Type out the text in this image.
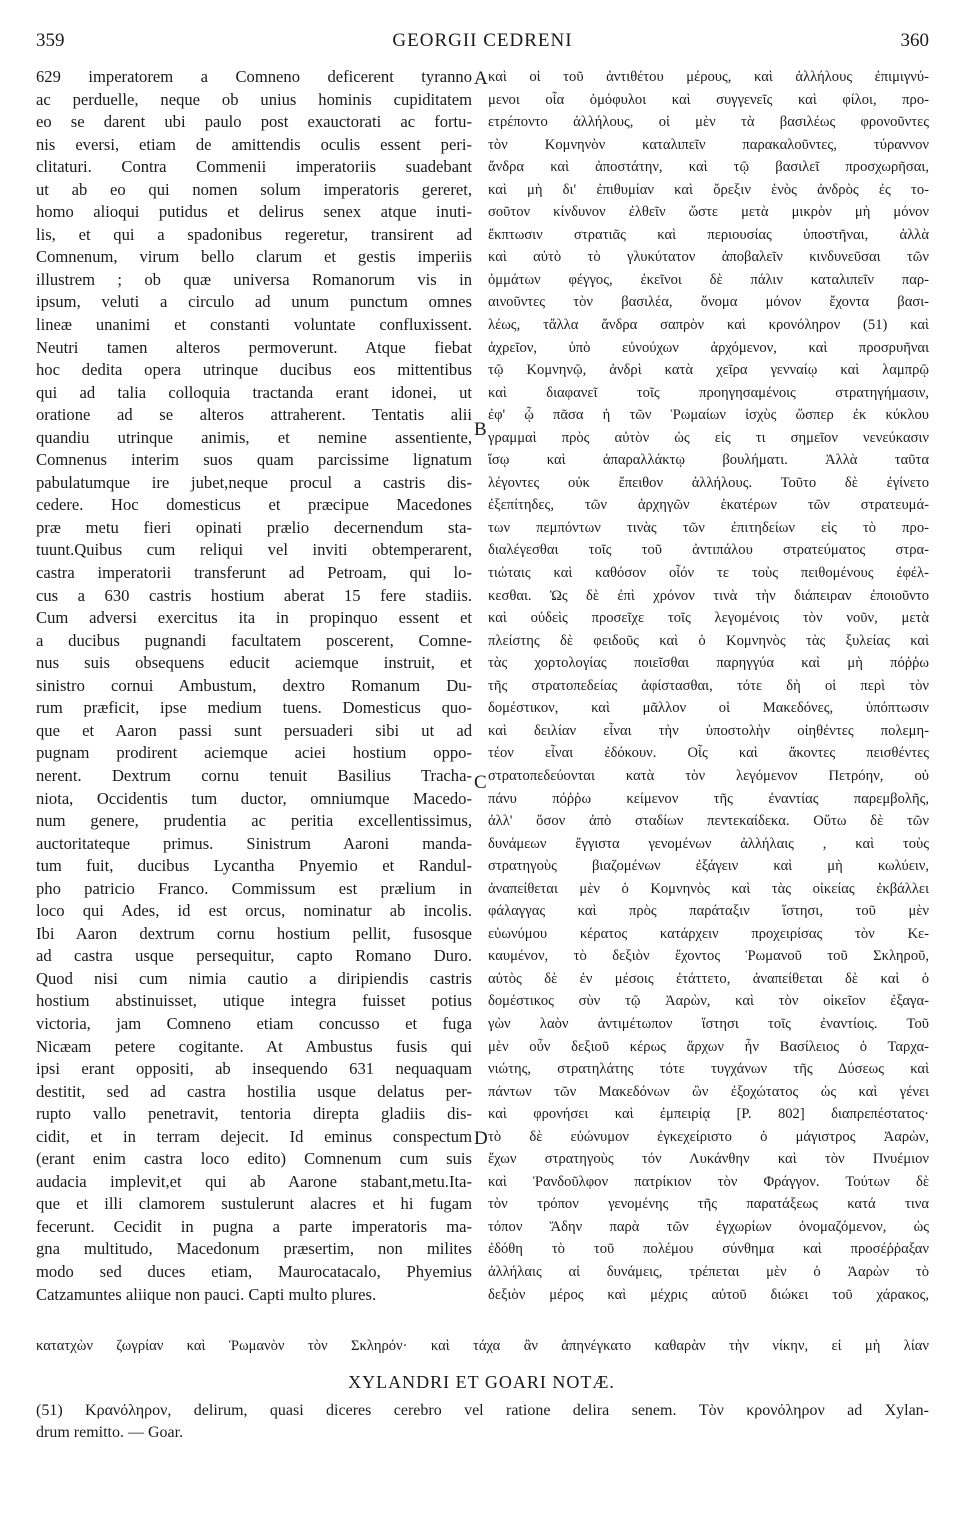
GEORGII CEDRENI
359	360
629 imperatorem a Comneno deficerent tyranno
ac perduelle, neque ob unius hominis cupiditatem
eo se darent ubi paulo post exauctorati ac fortu-
nis eversi, etiam de amittendis oculis essent peri-
clitaturi. Contra Commenii imperatoriis suadebant
ut ab eo qui nomen solum imperatoris gereret,
homo alioqui putidus et delirus senex atque inuti-
lis, et qui a spadonibus regeretur, transirent ad
Comnenum, virum bello clarum et gestis imperiis
illustrem ; ob quæ universa Romanorum vis in
ipsum, veluti a circulo ad unum punctum omnes
lineæ unanimi et constanti voluntate confluxissent.
Neutri tamen alteros permoverunt. Atque fiebat
hoc dedita opera utrinque ducibus eos mittentibus
qui ad talia colloquia tractanda erant idonei, ut
oratione ad se alteros attraherent. Tentatis alii
quandiu utrinque animis, et nemine assentiente,
Comnenus interim suos quam parcissime lignatum
pabulatumque ire jubet,neque procul a castris dis-
cedere. Hoc domesticus et præcipue Macedones
præ metu fieri opinati prælio decernendum sta-
tuunt.Quibus cum reliqui vel inviti obtemperarent,
castra imperatorii transferunt ad Petroam, qui lo-
cus a 630 castris hostium aberat 15 fere stadiis.
Cum adversi exercitus ita in propinquo essent et
a ducibus pugnandi facultatem poscerent, Comne-
nus suis obsequens educit aciemque instruit, et
sinistro cornui Ambustum, dextro Romanum Du-
rum præficit, ipse medium tuens. Domesticus quo-
que et Aaron passi sunt persuaderi sibi ut ad
pugnam prodirent aciemque aciei hostium oppo-
nerent. Dextrum cornu tenuit Basilius Tracha-
niota, Occidentis tum ductor, omniumque Macedo-
num genere, prudentia ac peritia excellentissimus,
auctoritateque primus. Sinistrum Aaroni manda-
tum fuit, ducibus Lycantha Pnyemio et Randul-
pho patricio Franco. Commissum est prælium in
loco qui Ades, id est orcus, nominatur ab incolis.
Ibi Aaron dextrum cornu hostium pellit, fusosque
ad castra usque persequitur, capto Romano Duro.
Quod nisi cum nimia cautio a diripiendis castris
hostium abstinuisset, utique integra fuisset potius
victoria, jam Comneno etiam concusso et fuga
Nicæam petere cogitante. At Ambustus fusis qui
ipsi erant oppositi, ab insequendo 631 nequaquam
destitit, sed ad castra hostilia usque delatus per-
rupto vallo penetravit, tentoria direpta gladiis dis-
cidit, et in terram dejecit. Id eminus conspectum
(erant enim castra loco edito) Comnenum cum suis
audacia implevit,et qui ab Aarone stabant,metu.Ita-
que et illi clamorem sustulerunt alacres et hi fugam
fecerunt. Cecidit in pugna a parte imperatoris ma-
gna multitudo, Macedonum præsertim, non milites
modo sed duces etiam, Maurocatacalo, Phyemius
Catzamuntes aliique non pauci. Capti multo plures.
καὶ οἱ τοῦ ἀντιθέτου μέρους, καὶ ἀλλήλους ἐπιμιγνύ-
μενοι οἷα ὁμόφυλοι καὶ συγγενεῖς καὶ φίλοι, προ-
ετρέποντο ἀλλήλους, οἱ μὲν τὰ βασιλέως φρονοῦντες
τὸν Κομνηνὸν καταλιπεῖν παρακαλοῦντες, τύραννον
ἄνδρα καὶ ἀποστάτην, καὶ τῷ βασιλεῖ προσχωρῆσαι,
καὶ μὴ δι' ἐπιθυμίαν καὶ ὄρεξιν ἑνὸς ἀνδρὸς ἐς το-
σοῦτον κίνδυνον ἐλθεῖν ὥστε μετὰ μικρὸν μὴ μόνον
ἔκπτωσιν στρατιᾶς καὶ περιουσίας ὑποστῆναι, ἀλλὰ
καὶ αὐτὸ τὸ γλυκύτατον ἀποβαλεῖν κινδυνεῦσαι τῶν
ὀμμάτων φέγγος, ἐκεῖνοι δὲ πάλιν καταλιπεῖν παρ-
αινοῦντες τὸν βασιλέα, ὄνομα μόνον ἔχοντα βασι-
λέως, τἄλλα ἄνδρα σαπρὸν καὶ κρονόληρον (51) καὶ
ἀχρεῖον, ὑπὸ εὐνούχων ἀρχόμενον, καὶ προσρυῆναι
τῷ Κομνηνῷ, ἀνδρὶ κατὰ χεῖρα γενναίῳ καὶ λαμπρῷ
καὶ διαφανεῖ τοῖς προηγησαμένοις στρατηγήμασιν,
ἐφ' ᾧ πᾶσα ἡ τῶν Ῥωμαίων ἰσχὺς ὥσπερ ἐκ κύκλου
γραμμαὶ πρὸς αὐτὸν ὡς εἰς τι σημεῖον νενεύκασιν
ἴσῳ καὶ ἀπαραλλάκτῳ βουλήματι. Ἀλλὰ ταῦτα
λέγοντες οὐκ ἔπειθον ἀλλήλους. Τοῦτο δὲ ἐγίνετο
ἐξεπίτηδες, τῶν ἀρχηγῶν ἑκατέρων τῶν στρατευμά-
των πεμπόντων τινὰς τῶν ἐπιτηδείων εἰς τὸ προ-
διαλέγεσθαι τοῖς τοῦ ἀντιπάλου στρατεύματος στρα-
τιώταις καὶ καθόσον οἷόν τε τοὺς πειθομένους ἐφέλ-
κεσθαι. Ὡς δὲ ἐπὶ χρόνον τινὰ τὴν διάπειραν ἐποιοῦντο
καὶ οὐδεὶς προσεῖχε τοῖς λεγομένοις τὸν νοῦν, μετὰ
πλείστης δὲ φειδοῦς καὶ ὁ Κομνηνὸς τὰς ξυλείας καὶ
τὰς χορτολογίας ποιεῖσθαι παρηγγύα καὶ μὴ πόῤῥω
τῆς στρατοπεδείας ἀφίστασθαι, τότε δὴ οἱ περὶ τὸν
δομέστικον, καὶ μᾶλλον οἱ Μακεδόνες, ὑπόπτωσιν
καὶ δειλίαν εἶναι τὴν ὑποστολὴν οἰηθέντες πολεμη-
τέον εἶναι ἐδόκουν. Οἷς καὶ ἄκοντες πεισθέντες
στρατοπεδεύονται κατὰ τὸν λεγόμενον Πετρόην, οὐ
πάνυ πόῤῥω κείμενον τῆς ἐναντίας παρεμβολῆς,
ἀλλ' ὅσον ἀπὸ σταδίων πεντεκαίδεκα. Οὕτω δὲ τῶν
δυνάμεων ἔγγιστα γενομένων ἀλλήλαις , καὶ τοὺς
στρατηγοὺς βιαζομένων ἐξάγειν καὶ μὴ κωλύειν,
ἀναπείθεται μὲν ὁ Κομνηνὸς καὶ τὰς οἰκείας ἐκβάλλει
φάλαγγας καὶ πρὸς παράταξιν ἵστησι, τοῦ μὲν
εὐωνύμου κέρατος κατάρχειν προχειρίσας τὸν Κε-
καυμένον, τὸ δεξιὸν ἔχοντος Ῥωμανοῦ τοῦ Σκληροῦ,
αὐτὸς δὲ ἐν μέσοις ἐτάττετο, ἀναπείθεται δὲ καὶ ὁ
δομέστικος σὺν τῷ Ἀαρὼν, καὶ τὸν οἰκεῖον ἐξαγα-
γὼν λαὸν ἀντιμέτωπον ἵστησι τοῖς ἐναντίοις. Τοῦ
μὲν οὖν δεξιοῦ κέρως ἄρχων ἦν Βασίλειος ὁ Ταρχα-
νιώτης, στρατηλάτης τότε τυγχάνων τῆς Δύσεως καὶ
πάντων τῶν Μακεδόνων ὢν ἐξοχώτατος ὡς καὶ γένει
καὶ φρονήσει καὶ ἐμπειρίᾳ [P. 802] διαπρεπέστατος·
τὸ δὲ εὐώνυμον ἐγκεχείριστο ὁ μάγιστρος Ἀαρὼν,
ἔχων στρατηγοὺς τόν Λυκάνθην καὶ τὸν Πνυέμιον
καὶ Ῥανδοῦλφον πατρίκιον τὸν Φράγγον. Τούτων δὲ
τὸν τρόπον γενομένης τῆς παρατάξεως κατά τινα
τόπον Ἅδην παρὰ τῶν ἐγχωρίων ὀνομαζόμενον, ὡς
ἐδόθη τὸ τοῦ πολέμου σύνθημα καὶ προσέῤῥαξαν
ἀλλήλαις αἱ δυνάμεις, τρέπεται μὲν ὁ Ἀαρὼν τὸ
δεξιὸν μέρος καὶ μέχρις αὐτοῦ διώκει τοῦ χάρακος,
A
B
C
D
κατατχὼν ζωγρίαν καὶ Ῥωμανὸν τὸν Σκληρόν· καὶ τάχα ἂν ἀπηνέγκατο καθαρὰν τὴν νίκην, εἰ μὴ λίαν
XYLANDRI ET GOARI NOTÆ.
(51) Κρανόληρον, delirum, quasi diceres cerebro vel ratione delira senem. Τὸν κρονόληρον ad Xylan-
drum remitto. — Goar.
